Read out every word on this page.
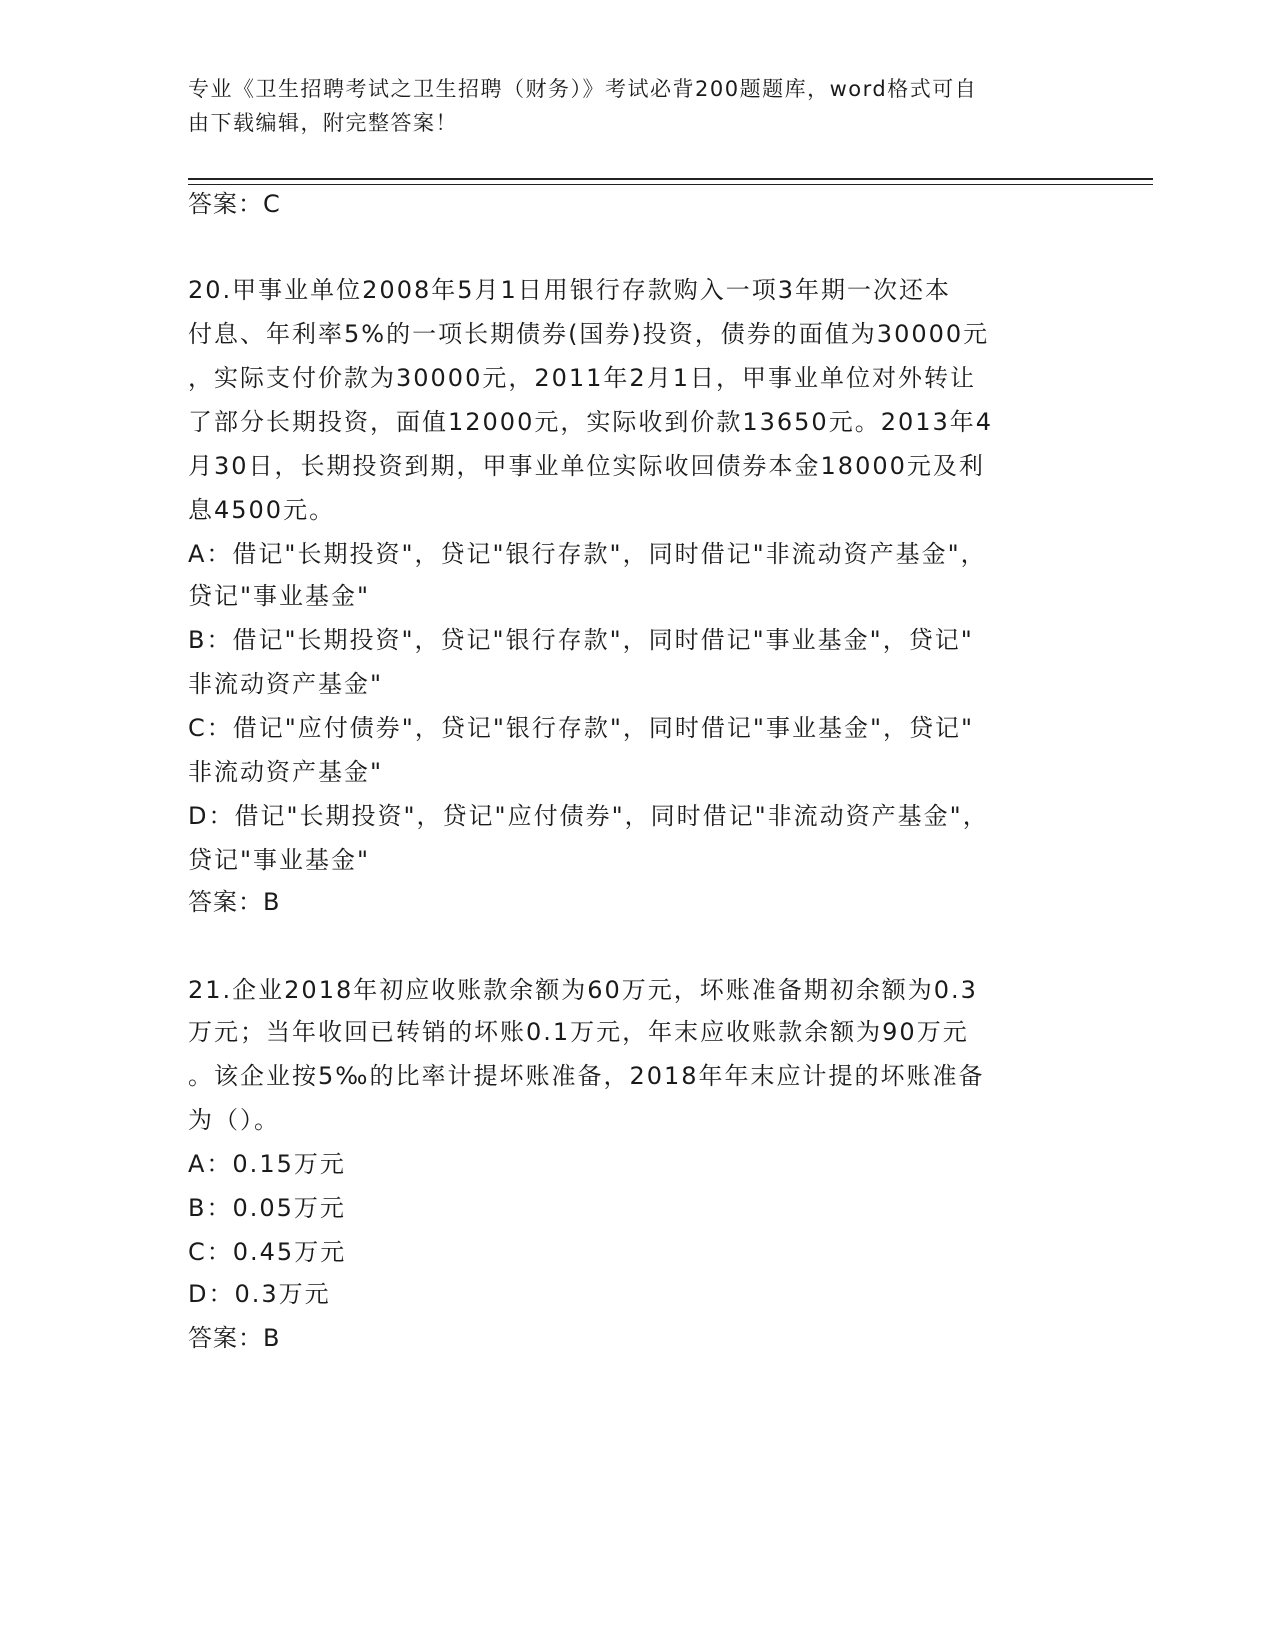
专业《卫生招聘考试之卫生招聘（财务）》考试必背200题题库，word格式可自
由下载编辑，附完整答案！
答案：C
20.甲事业单位2008年5月1日用银行存款购入一项3年期一次还本
付息、年利率5%的一项长期债券(国券)投资，债券的面值为30000元
，实际支付价款为30000元，2011年2月1日，甲事业单位对外转让
了部分长期投资，面值12000元，实际收到价款13650元。2013年4
月30日，长期投资到期，甲事业单位实际收回债券本金18000元及利
息4500元。
A：借记"长期投资"，贷记"银行存款"，同时借记"非流动资产基金"，
贷记"事业基金"
B：借记"长期投资"，贷记"银行存款"，同时借记"事业基金"，贷记"
非流动资产基金"
C：借记"应付债券"，贷记"银行存款"，同时借记"事业基金"，贷记"
非流动资产基金"
D：借记"长期投资"，贷记"应付债券"，同时借记"非流动资产基金"，
贷记"事业基金"
答案：B
21.企业2018年初应收账款余额为60万元，坏账准备期初余额为0.3
万元；当年收回已转销的坏账0.1万元，年末应收账款余额为90万元
。该企业按5‰的比率计提坏账准备，2018年年末应计提的坏账准备
为（）。
A：0.15万元
B：0.05万元
C：0.45万元
D：0.3万元
答案：B
